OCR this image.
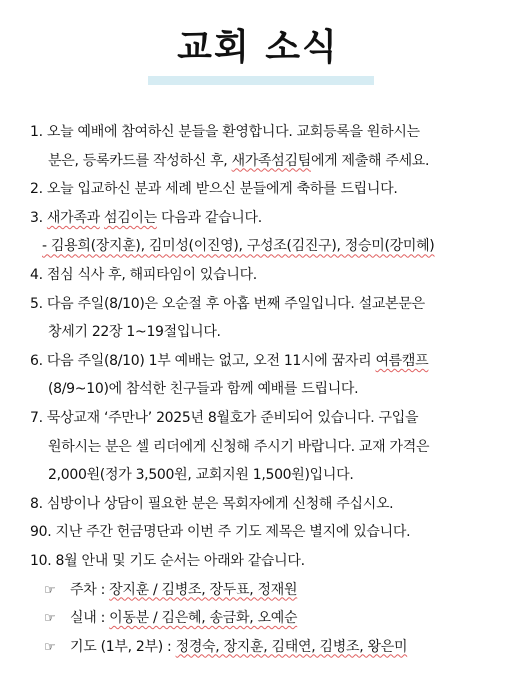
교회 소식
1. 오늘 예배에 참여하신 분들을 환영합니다. 교회등록을 원하시는
분은, 등록카드를 작성하신 후, 새가족섬김팀에게 제출해 주세요.
2. 오늘 입교하신 분과 세례 받으신 분들에게 축하를 드립니다.
3. 새가족과 섬김이는 다음과 같습니다.
- 김용희(장지훈), 김미성(이진영), 구성조(김진구), 정승미(강미혜)
4. 점심 식사 후, 해피타임이 있습니다.
5. 다음 주일(8/10)은 오순절 후 아홉 번째 주일입니다. 설교본문은
창세기 22장 1~19절입니다.
6. 다음 주일(8/10) 1부 예배는 없고, 오전 11시에 꿈자리 여름캠프
(8/9~10)에 참석한 친구들과 함께 예배를 드립니다.
7. 묵상교재 ‘주만나’ 2025년 8월호가 준비되어 있습니다. 구입을
원하시는 분은 셀 리더에게 신청해 주시기 바랍니다. 교재 가격은
2,000원(정가 3,500원, 교회지원 1,500원)입니다.
8. 심방이나 상담이 필요한 분은 목회자에게 신청해 주십시오.
90. 지난 주간 헌금명단과 이번 주 기도 제목은 별지에 있습니다.
10. 8월 안내 및 기도 순서는 아래와 같습니다.
☞ 주차 : 장지훈 / 김병조, 장두표, 정재원
☞ 실내 : 이동분 / 김은혜, 송금화, 오예순
☞ 기도 (1부, 2부) : 정경숙, 장지훈, 김태연, 김병조, 왕은미
